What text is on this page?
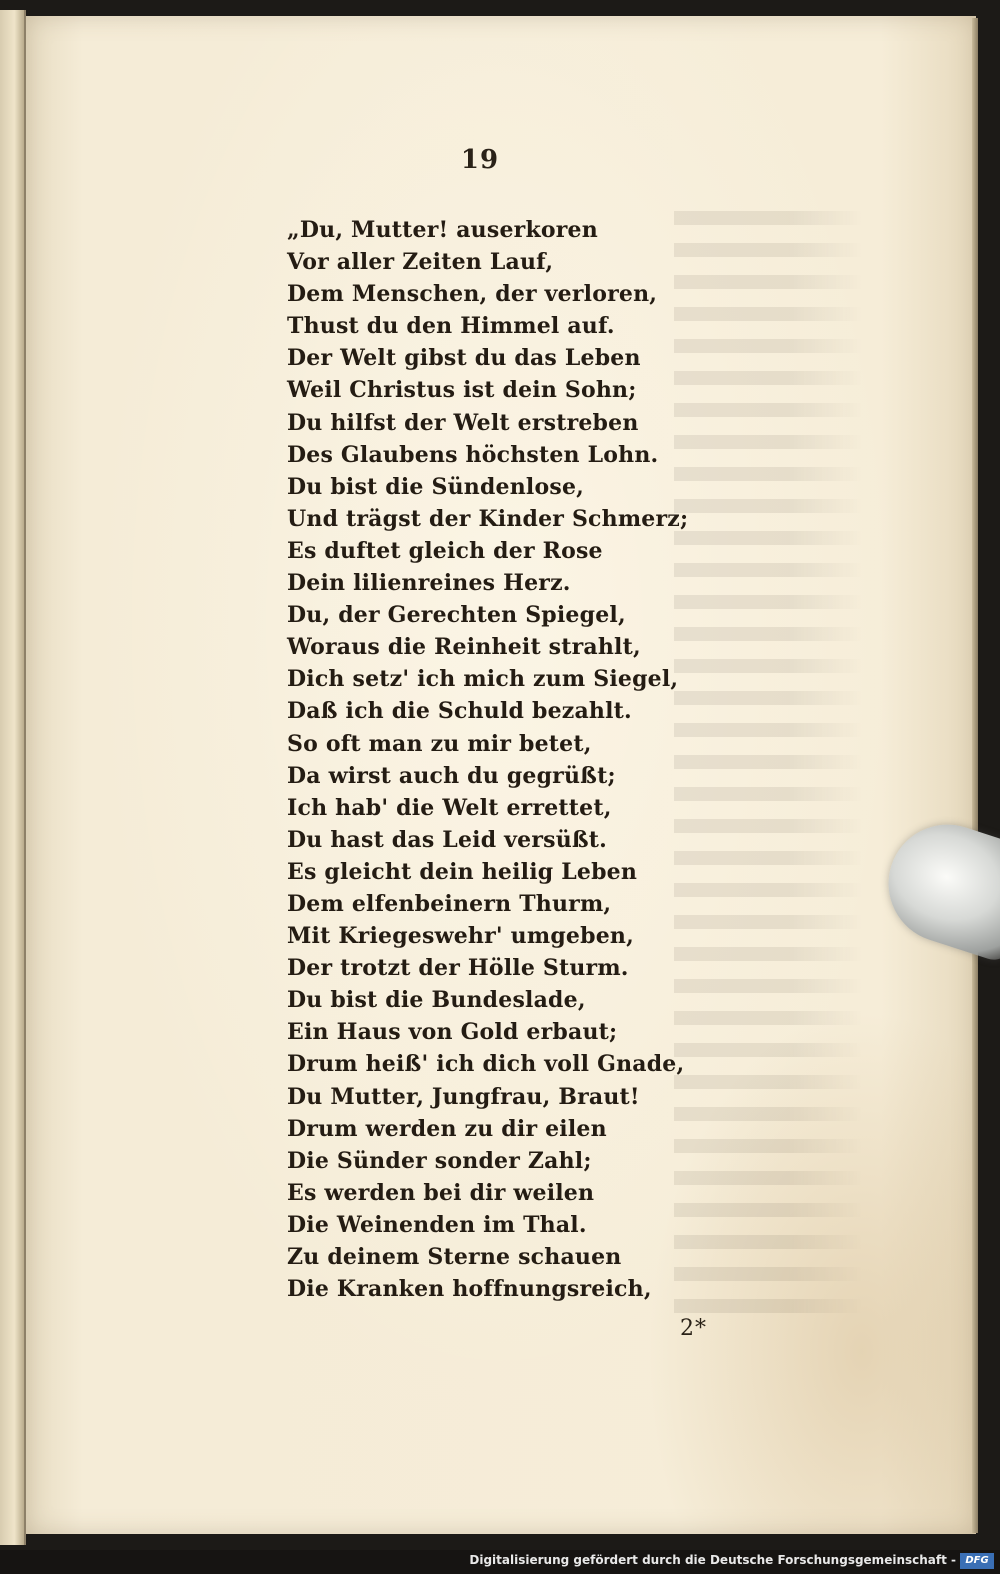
19
„Du, Mutter! auserkoren
Vor aller Zeiten Lauf,
Dem Menschen, der verloren,
Thust du den Himmel auf.
Der Welt gibst du das Leben
Weil Christus ist dein Sohn;
Du hilfst der Welt erstreben
Des Glaubens höchsten Lohn.
Du bist die Sündenlose,
Und trägst der Kinder Schmerz;
Es duftet gleich der Rose
Dein lilienreines Herz.
Du, der Gerechten Spiegel,
Woraus die Reinheit strahlt,
Dich setz' ich mich zum Siegel,
Daß ich die Schuld bezahlt.
So oft man zu mir betet,
Da wirst auch du gegrüßt;
Ich hab' die Welt errettet,
Du hast das Leid versüßt.
Es gleicht dein heilig Leben
Dem elfenbeinern Thurm,
Mit Kriegeswehr' umgeben,
Der trotzt der Hölle Sturm.
Du bist die Bundeslade,
Ein Haus von Gold erbaut;
Drum heiß' ich dich voll Gnade,
Du Mutter, Jungfrau, Braut!
Drum werden zu dir eilen
Die Sünder sonder Zahl;
Es werden bei dir weilen
Die Weinenden im Thal.
Zu deinem Sterne schauen
Die Kranken hoffnungsreich,
2*
Digitalisierung gefördert durch die Deutsche Forschungsgemeinschaft - DFG
